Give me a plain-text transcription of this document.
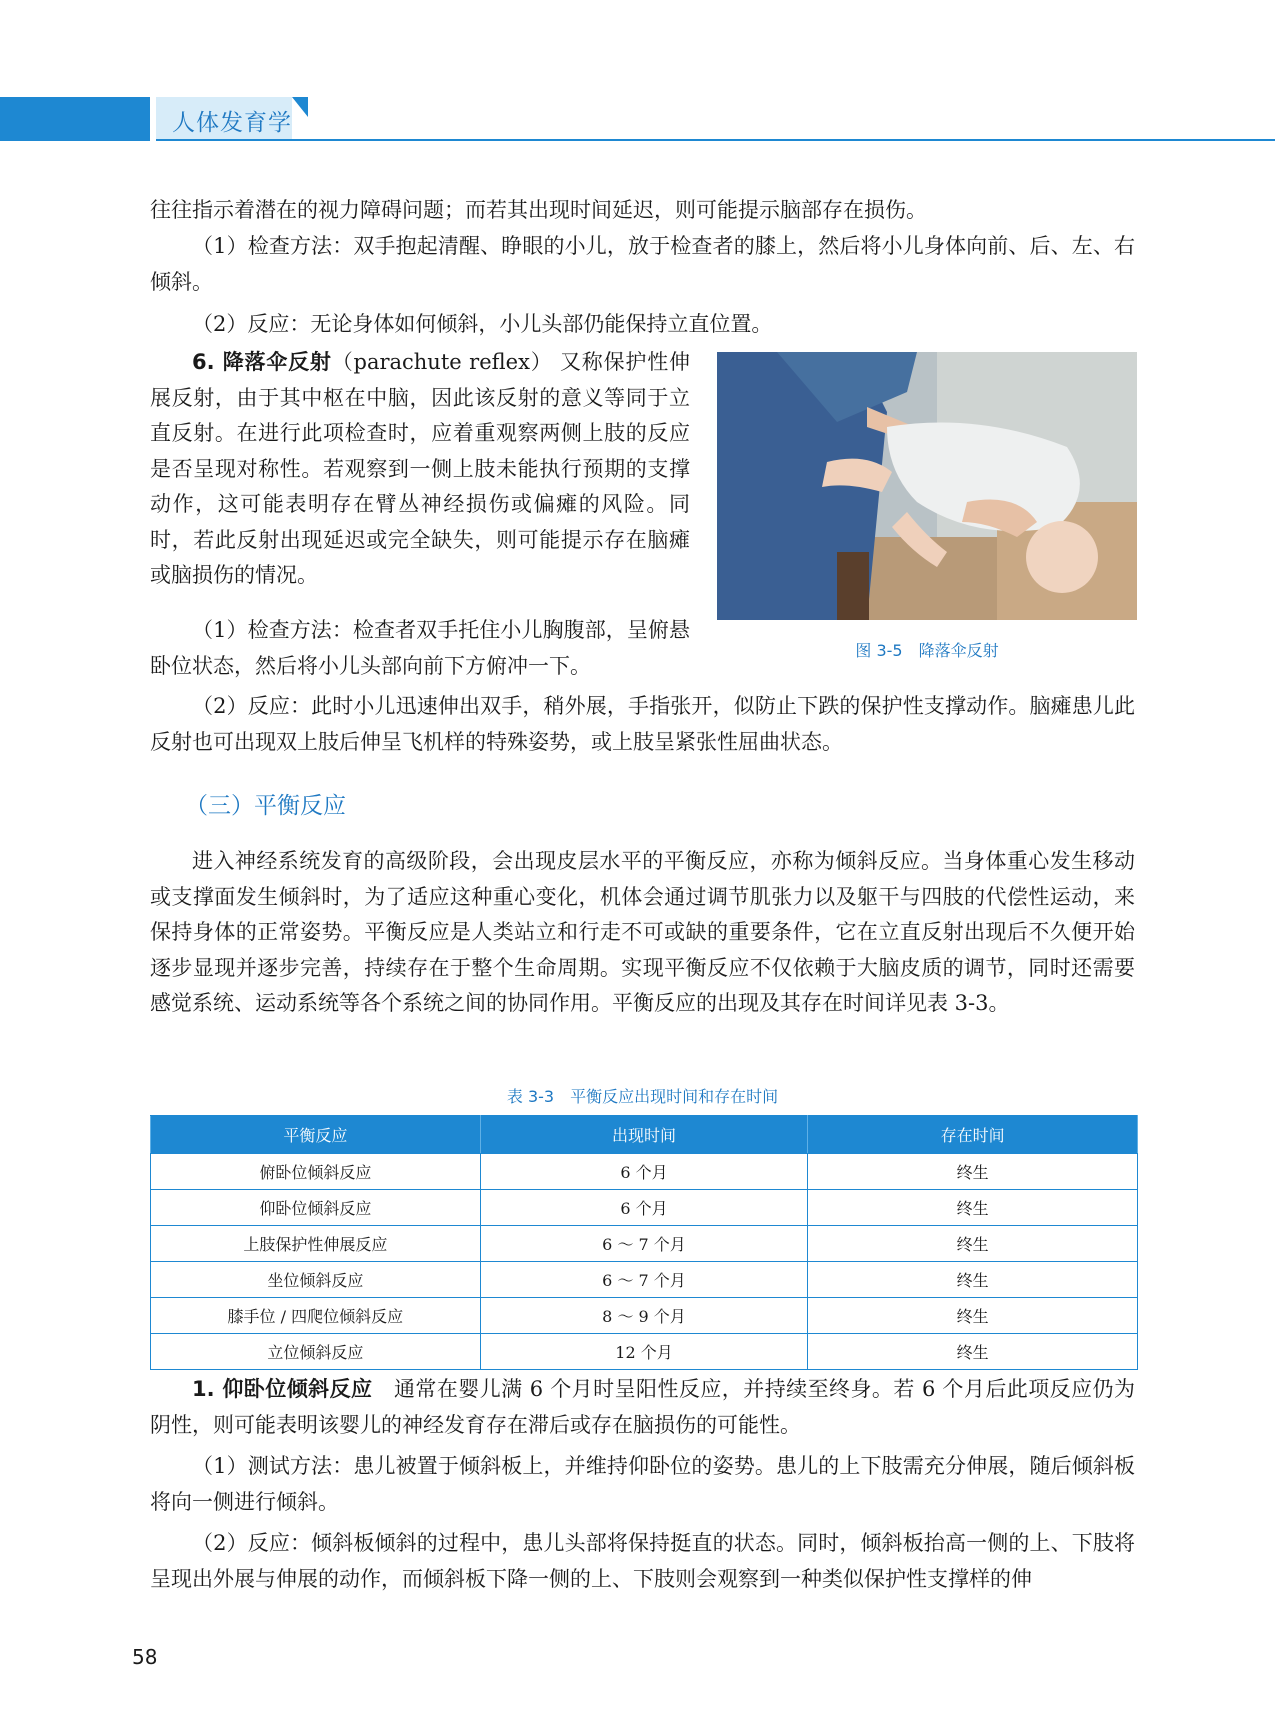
人体发育学

往往指示着潜在的视力障碍问题；而若其出现时间延迟，则可能提示脑部存在损伤。

（1）检查方法：双手抱起清醒、睁眼的小儿，放于检查者的膝上，然后将小儿身体向前、后、左、右倾斜。

（2）反应：无论身体如何倾斜，小儿头部仍能保持立直位置。

6. 降落伞反射（parachute reflex） 又称保护性伸展反射，由于其中枢在中脑，因此该反射的意义等同于立直反射。在进行此项检查时，应着重观察两侧上肢的反应是否呈现对称性。若观察到一侧上肢未能执行预期的支撑动作，这可能表明存在臂丛神经损伤或偏瘫的风险。同时，若此反射出现延迟或完全缺失，则可能提示存在脑瘫或脑损伤的情况。

（1）检查方法：检查者双手托住小儿胸腹部，呈俯悬卧位状态，然后将小儿头部向前下方俯冲一下。

（2）反应：此时小儿迅速伸出双手，稍外展，手指张开，似防止下跌的保护性支撑动作。脑瘫患儿此反射也可出现双上肢后伸呈飞机样的特殊姿势，或上肢呈紧张性屈曲状态。

（三）平衡反应

进入神经系统发育的高级阶段，会出现皮层水平的平衡反应，亦称为倾斜反应。当身体重心发生移动或支撑面发生倾斜时，为了适应这种重心变化，机体会通过调节肌张力以及躯干与四肢的代偿性运动，来保持身体的正常姿势。平衡反应是人类站立和行走不可或缺的重要条件，它在立直反射出现后不久便开始逐步显现并逐步完善，持续存在于整个生命周期。实现平衡反应不仅依赖于大脑皮质的调节，同时还需要感觉系统、运动系统等各个系统之间的协同作用。平衡反应的出现及其存在时间详见表 3-3。

图 3-5　降落伞反射
表 3-3　平衡反应出现时间和存在时间
平衡反应	出现时间	存在时间
俯卧位倾斜反应	6 个月	终生
仰卧位倾斜反应	6 个月	终生
上肢保护性伸展反应	6 ～ 7 个月	终生
坐位倾斜反应	6 ～ 7 个月	终生
膝手位 / 四爬位倾斜反应	8 ～ 9 个月	终生
立位倾斜反应	12 个月	终生

1. 仰卧位倾斜反应　 通常在婴儿满 6 个月时呈阳性反应，并持续至终身。若 6 个月后此项反应仍为阴性，则可能表明该婴儿的神经发育存在滞后或存在脑损伤的可能性。

（1）测试方法：患儿被置于倾斜板上，并维持仰卧位的姿势。患儿的上下肢需充分伸展，随后倾斜板将向一侧进行倾斜。

（2）反应：倾斜板倾斜的过程中，患儿头部将保持挺直的状态。同时，倾斜板抬高一侧的上、下肢将呈现出外展与伸展的动作，而倾斜板下降一侧的上、下肢则会观察到一种类似保护性支撑样的伸

58
